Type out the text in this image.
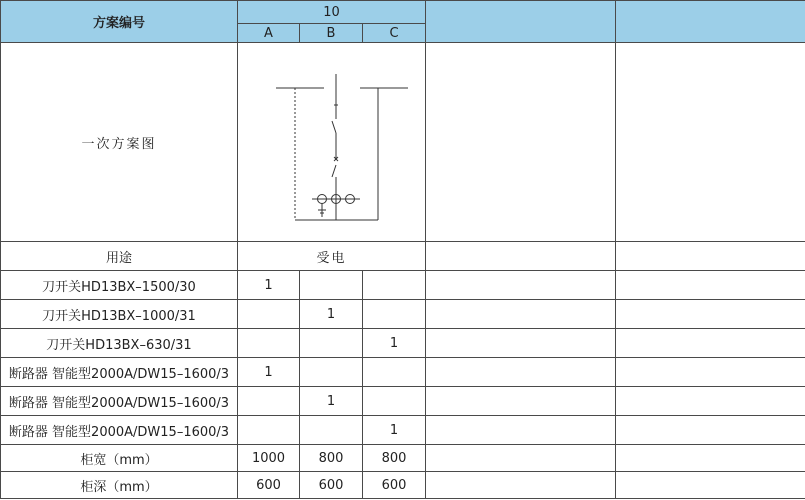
方案编号	10				
	A	B	C		
一次方案图	

用途	受电				
刀开关HD13BX–1500/30	1				
刀开关HD13BX–1000/31		1			
刀开关HD13BX–630/31			1		
断路器 智能型2000A/DW15–1600/3	1				
断路器 智能型2000A/DW15–1600/3		1			
断路器 智能型2000A/DW15–1600/3			1		
柜宽（mm）	1000	800	800		
柜深（mm）	600	600	600		
